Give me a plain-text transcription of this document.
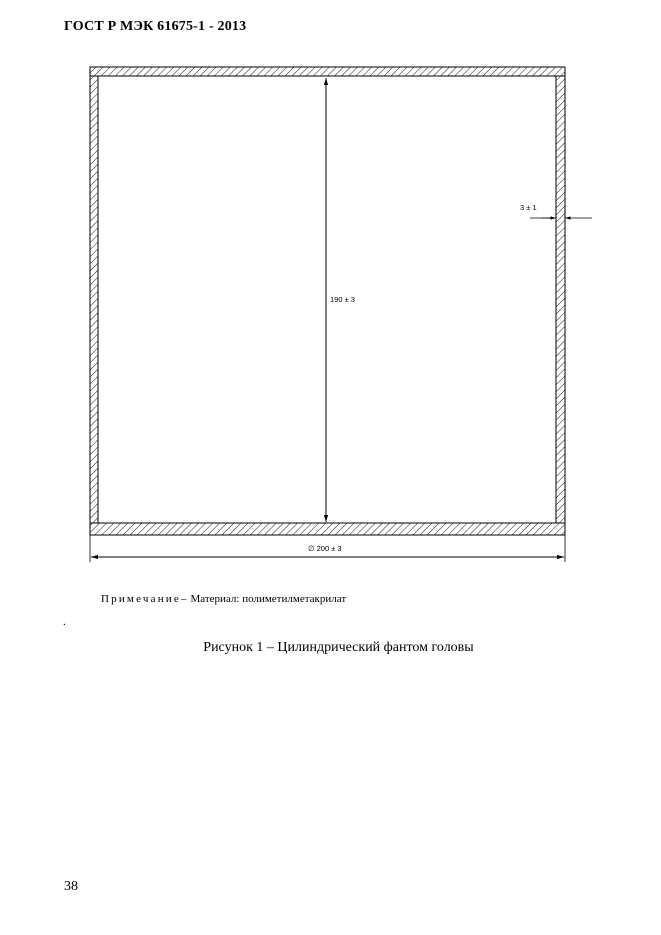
ГОСТ Р МЭК 61675-1 - 2013
190 ± 3
3 ± 1
∅ 200 ± 3
Примечание– Материал: полиметилметакрилат
.
Рисунок 1 – Цилиндрический фантом головы
38
